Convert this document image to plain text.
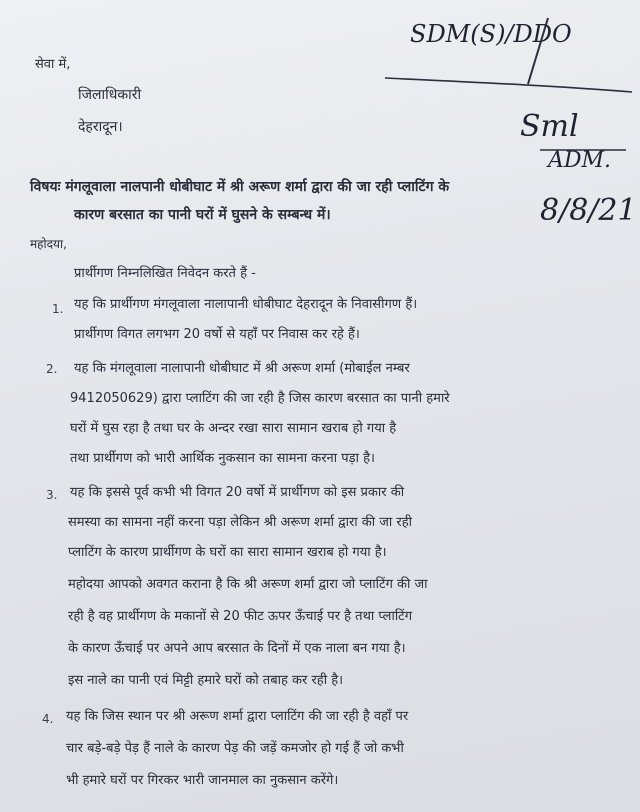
SDM(S)/DDO
Sml
ADM.
8/8/21
सेवा में,
जिलाधिकारी
देहरादून।
विषयः मंगलूवाला नालपानी धोबीघाट में श्री अरूण शर्मा द्वारा की जा रही प्लाटिंग के
कारण बरसात का पानी घरों में घुसने के सम्बन्ध में।
महोदया,
प्रार्थीगण निम्नलिखित निवेदन करते हैं -
1. यह कि प्रार्थीगण मंगलूवाला नालापानी धोबीघाट देहरादून के निवासीगण हैं।
प्रार्थीगण विगत लगभग 20 वर्षो से यहाँ पर निवास कर रहे हैं।
2. यह कि मंगलूवाला नालापानी धोबीघाट में श्री अरूण शर्मा (मोबाईल नम्बर
9412050629) द्वारा प्लाटिंग की जा रही है जिस कारण बरसात का पानी हमारे
घरों में घुस रहा है तथा घर के अन्दर रखा सारा सामान खराब हो गया है
तथा प्रार्थीगण को भारी आर्थिक नुकसान का सामना करना पड़ा है।
3. यह कि इससे पूर्व कभी भी विगत 20 वर्षो में प्रार्थीगण को इस प्रकार की
समस्या का सामना नहीं करना पड़ा लेकिन श्री अरूण शर्मा द्वारा की जा रही
प्लाटिंग के कारण प्रार्थीगण के घरों का सारा सामान खराब हो गया है।
महोदया आपको अवगत कराना है कि श्री अरूण शर्मा द्वारा जो प्लाटिंग की जा
रही है वह प्रार्थीगण के मकानों से 20 फीट ऊपर ऊँचाई पर है तथा प्लाटिंग
के कारण ऊँचाई पर अपने आप बरसात के दिनों में एक नाला बन गया है।
इस नाले का पानी एवं मिट्टी हमारे घरों को तबाह कर रही है।
4. यह कि जिस स्थान पर श्री अरूण शर्मा द्वारा प्लाटिंग की जा रही है वहाँ पर
चार बड़े-बड़े पेड़ हैं नाले के कारण पेड़ की जड़ें कमजोर हो गई हैं जो कभी
भी हमारे घरों पर गिरकर भारी जानमाल का नुकसान करेंगे।
